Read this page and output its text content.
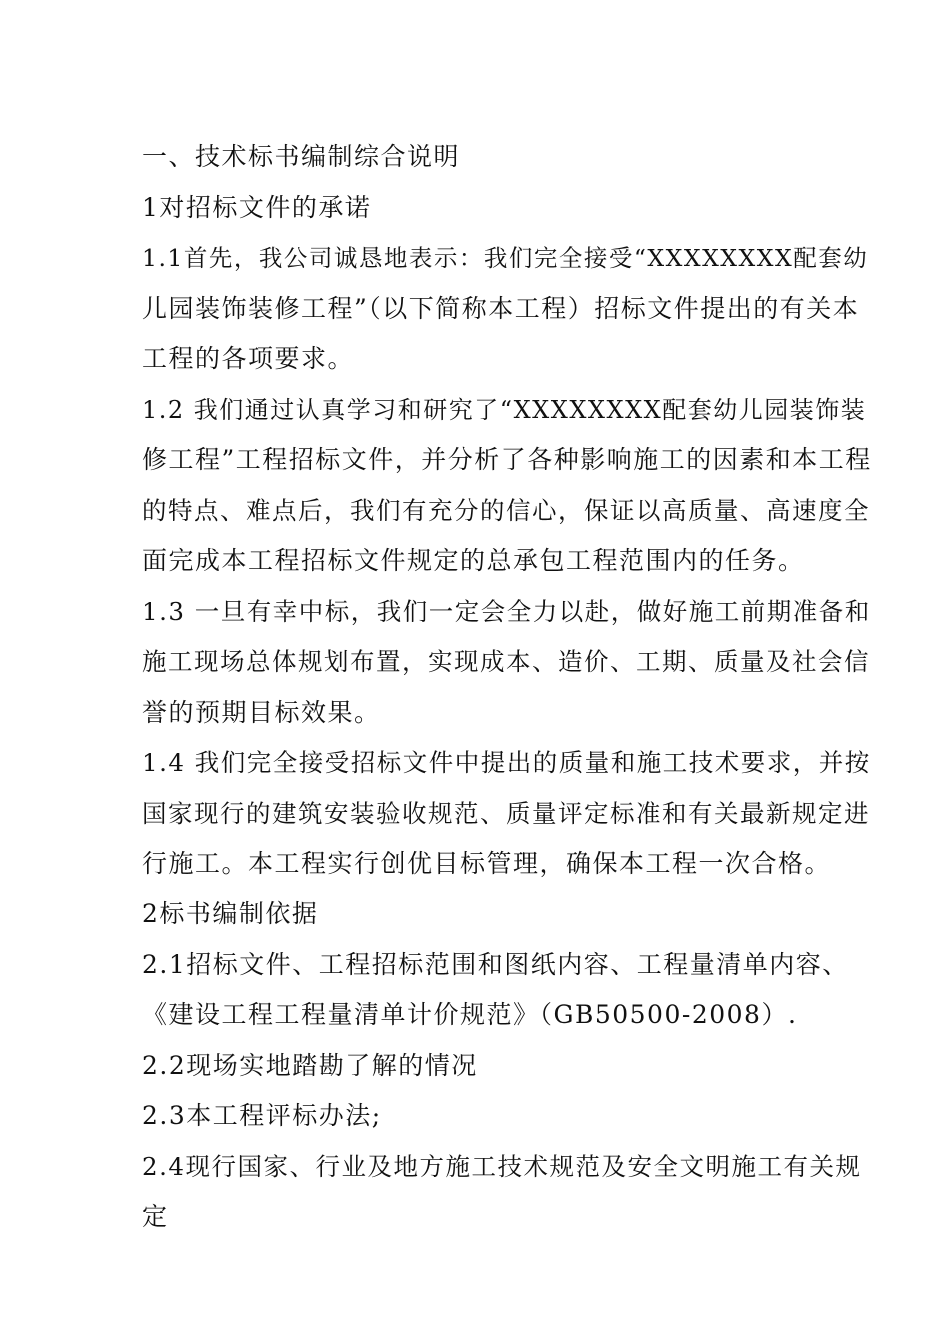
一、技术标书编制综合说明
1对招标文件的承诺
1.1首先，我公司诚恳地表示：我们完全接受“XXXXXXXX配套幼
儿园装饰装修工程”（以下简称本工程）招标文件提出的有关本
工程的各项要求。
1.2 我们通过认真学习和研究了“XXXXXXXX配套幼儿园装饰装
修工程”工程招标文件，并分析了各种影响施工的因素和本工程
的特点、难点后，我们有充分的信心，保证以高质量、高速度全
面完成本工程招标文件规定的总承包工程范围内的任务。
1.3 一旦有幸中标，我们一定会全力以赴，做好施工前期准备和
施工现场总体规划布置，实现成本、造价、工期、质量及社会信
誉的预期目标效果。
1.4 我们完全接受招标文件中提出的质量和施工技术要求，并按
国家现行的建筑安装验收规范、质量评定标准和有关最新规定进
行施工。本工程实行创优目标管理，确保本工程一次合格。
2标书编制依据
2.1招标文件、工程招标范围和图纸内容、工程量清单内容、
《建设工程工程量清单计价规范》（GB50500-2008）.
2.2现场实地踏勘了解的情况
2.3本工程评标办法;
2.4现行国家、行业及地方施工技术规范及安全文明施工有关规
定
